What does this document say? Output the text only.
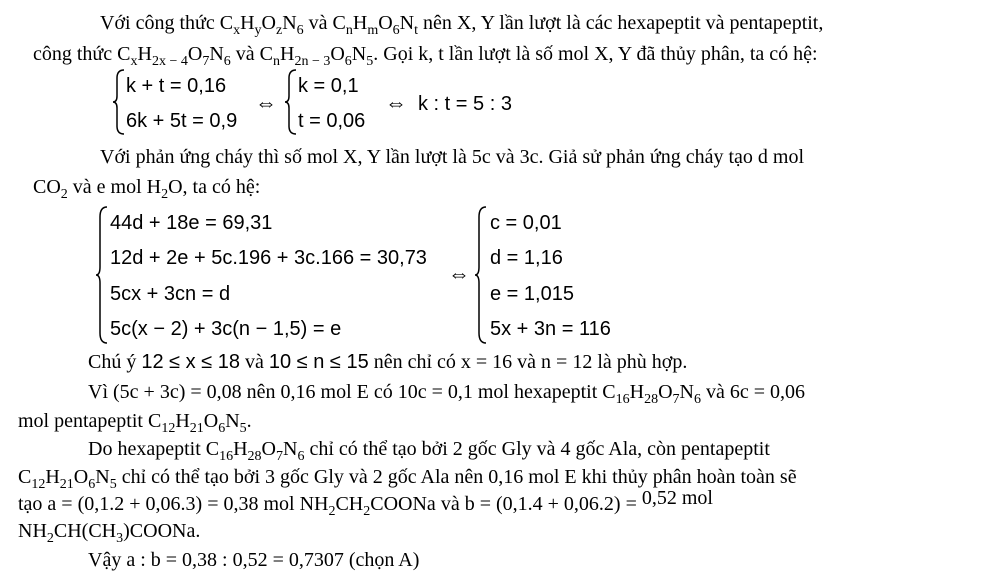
Với công thức $C_xH_yO_zN_6$ và $C_nH_mO_6N_t$ nên X, Y lần lượt là các hexapeptit và pentapeptit,
công thức $C_xH_{2x - 4}O_7N_6$ và $C_nH_{2n - 3}O_6N_5$. Gọi k, t lần lượt là số mol X, Y đã thủy phân, ta có hệ:
k + t = 0,16
6k + 5t = 0,9
⇔
k = 0,1
t = 0,06
⇔ k : t = 5 : 3
Với phản ứng cháy thì số mol X, Y lần lượt là 5c và 3c. Giả sử phản ứng cháy tạo d mol
$CO_2$ và e mol $H_2O$, ta có hệ:
44d + 18e = 69,31
12d + 2e + 5c.196 + 3c.166 = 30,73
5cx + 3cn = d
5c(x − 2) + 3c(n − 1,5) = e
⇔
c = 0,01
d = 1,16
e = 1,015
5x + 3n = 116
Chú ý 12 ≤ x ≤ 18 và 10 ≤ n ≤ 15 nên chỉ có x = 16 và n = 12 là phù hợp.
Vì (5c + 3c) = 0,08 nên 0,16 mol E có 10c = 0,1 mol hexapeptit $C_{16}H_{28}O_7N_6$ và 6c = 0,06
mol pentapeptit $C_{12}H_{21}O_6N_5$.
Do hexapeptit $C_{16}H_{28}O_7N_6$ chỉ có thể tạo bởi 2 gốc Gly và 4 gốc Ala, còn pentapeptit
$C_{12}H_{21}O_6N_5$ chỉ có thể tạo bởi 3 gốc Gly và 2 gốc Ala nên 0,16 mol E khi thủy phân hoàn toàn sẽ
tạo a = (0,1.2 + 0,06.3) = 0,38 mol $NH_2CH_2COONa$ và b = (0,1.4 + 0,06.2) = 0,52 mol
$NH_2CH(CH_3)COONa$.
Vậy a : b = 0,38 : 0,52 = 0,7307 (chọn A)
